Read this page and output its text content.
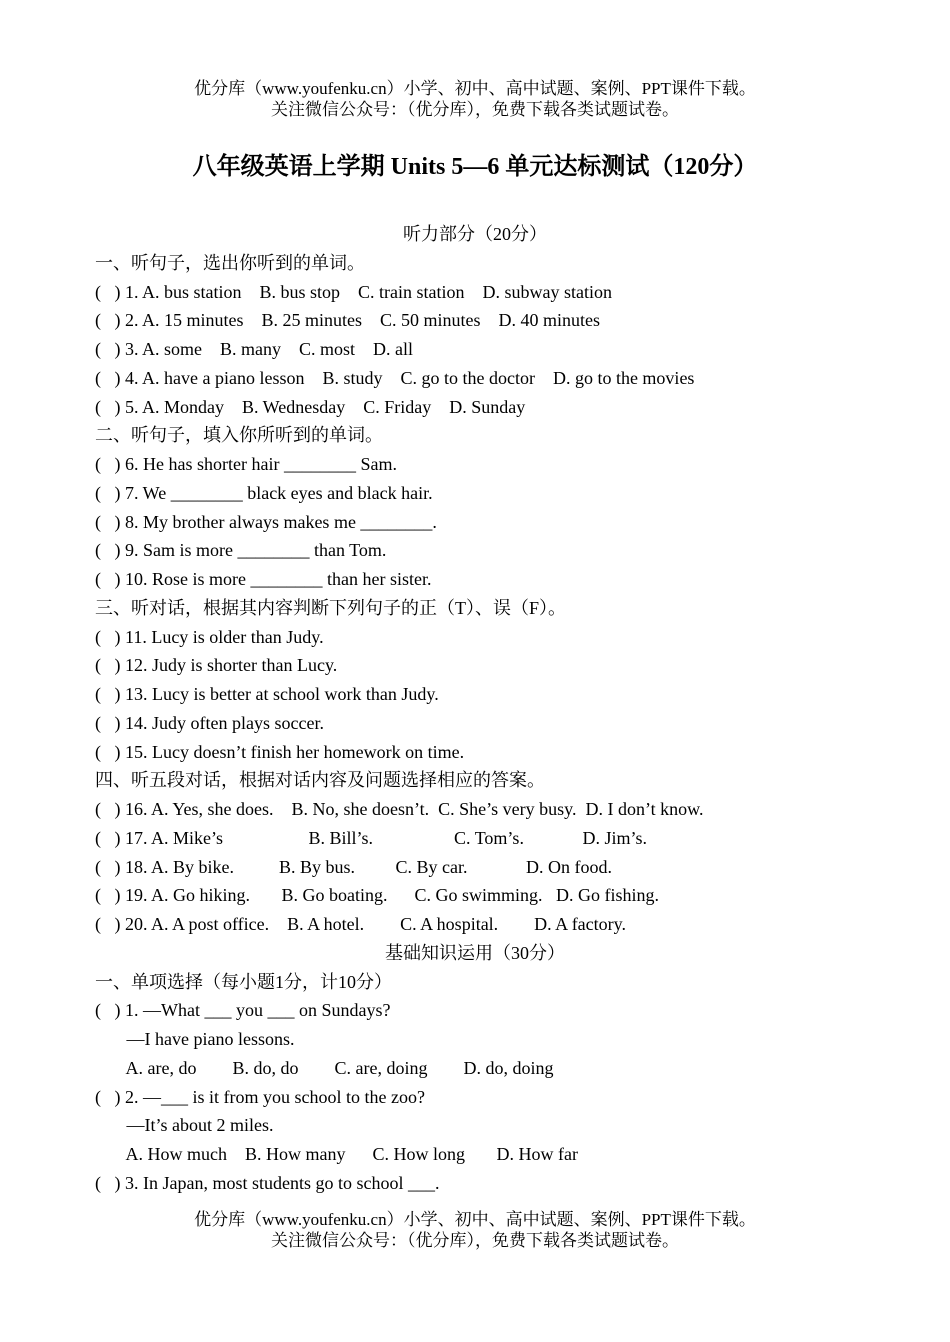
优分库（www.youfenku.cn）小学、初中、高中试题、案例、PPT课件下载。
关注微信公众号：（优分库），免费下载各类试题试卷。
八年级英语上学期 Units 5—6 单元达标测试（120分）
听力部分（20分）
一、听句子，选出你听到的单词。
(   ) 1. A. bus station    B. bus stop    C. train station    D. subway station
(   ) 2. A. 15 minutes    B. 25 minutes    C. 50 minutes    D. 40 minutes
(   ) 3. A. some    B. many    C. most    D. all
(   ) 4. A. have a piano lesson    B. study    C. go to the doctor    D. go to the movies
(   ) 5. A. Monday    B. Wednesday    C. Friday    D. Sunday
二、听句子，填入你所听到的单词。
(   ) 6. He has shorter hair ________ Sam.
(   ) 7. We ________ black eyes and black hair.
(   ) 8. My brother always makes me ________.
(   ) 9. Sam is more ________ than Tom.
(   ) 10. Rose is more ________ than her sister.
三、听对话，根据其内容判断下列句子的正（T）、误（F）。
(   ) 11. Lucy is older than Judy.
(   ) 12. Judy is shorter than Lucy.
(   ) 13. Lucy is better at school work than Judy.
(   ) 14. Judy often plays soccer.
(   ) 15. Lucy doesn’t finish her homework on time.
四、听五段对话，根据对话内容及问题选择相应的答案。
(   ) 16. A. Yes, she does.    B. No, she doesn’t.  C. She’s very busy.  D. I don’t know.
(   ) 17. A. Mike’s                   B. Bill’s.                  C. Tom’s.             D. Jim’s.
(   ) 18. A. By bike.          B. By bus.         C. By car.             D. On food.
(   ) 19. A. Go hiking.       B. Go boating.      C. Go swimming.   D. Go fishing.
(   ) 20. A. A post office.    B. A hotel.        C. A hospital.        D. A factory.
基础知识运用（30分）
一、单项选择（每小题1分，计10分）
(   ) 1. —What ___ you ___ on Sundays?
—I have piano lessons.
A. are, do        B. do, do        C. are, doing        D. do, doing
(   ) 2. —___ is it from you school to the zoo?
—It’s about 2 miles.
A. How much    B. How many      C. How long       D. How far
(   ) 3. In Japan, most students go to school ___.
优分库（www.youfenku.cn）小学、初中、高中试题、案例、PPT课件下载。
关注微信公众号：（优分库），免费下载各类试题试卷。
